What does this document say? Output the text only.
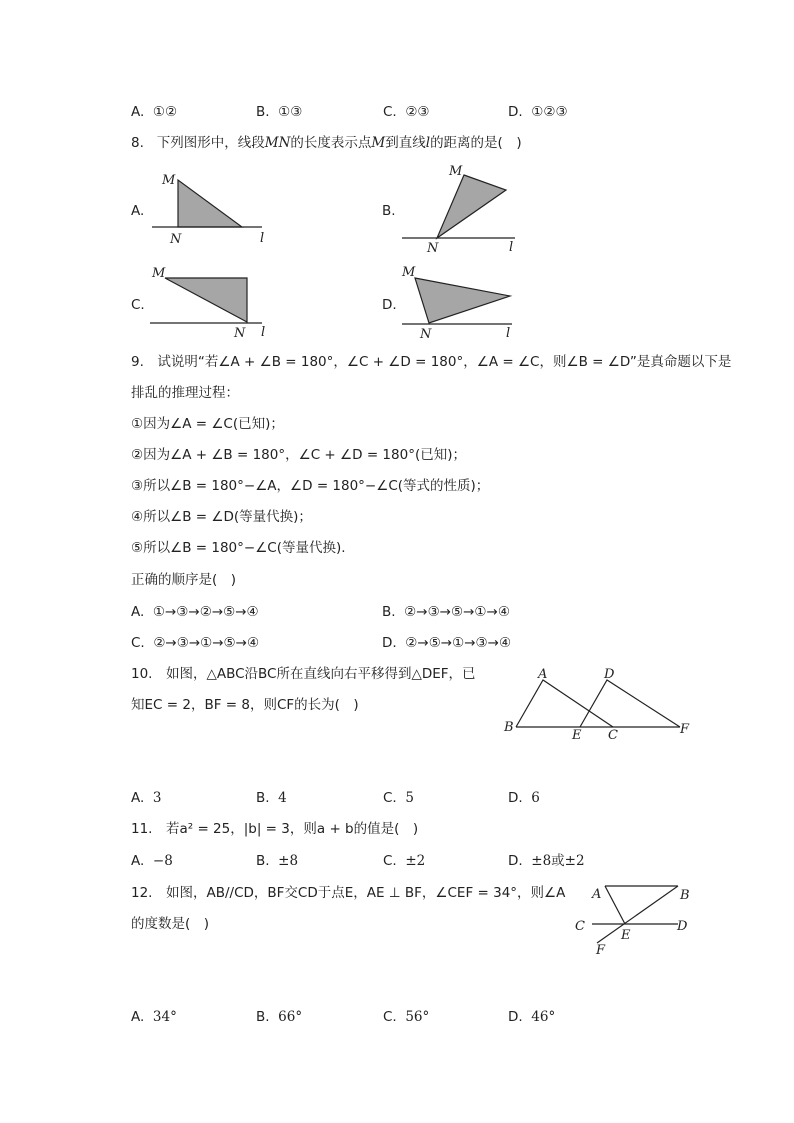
A. ①②	B. ①③	C. ②③	D. ①②③
8. 下列图形中，线段MN的长度表示点M到直线l的距离的是(　)
A.
M
N	l
B.
M
N	l
C.
M
N l
D.
M
N	l
9.　试说明“若∠A + ∠B = 180°，∠C + ∠D = 180°，∠A = ∠C，则∠B = ∠D”是真命题以下是
排乱的推理过程：
①因为∠A = ∠C(已知)；
②因为∠A + ∠B = 180°，∠C + ∠D = 180°(已知)；
③所以∠B = 180°−∠A，∠D = 180°−∠C(等式的性质)；
④所以∠B = ∠D(等量代换)；
⑤所以∠B = 180°−∠C(等量代换).
正确的顺序是(　)
A. ①→③→②→⑤→④	B. ②→③→⑤→①→④
C. ②→③→①→⑤→④	D. ②→⑤→①→③→④
10.　如图，△ABC沿BC所在直线向右平移得到△DEF，已
知EC = 2，BF = 8，则CF的长为(　)
A
B
C
D
E	F
A. 3	B. 4	C. 5	D. 6
11.　若a² = 25，|b| = 3，则a + b的值是(　)
A. −8	B. ±8	C. ±2	D. ±8或±2
12.　如图，AB//CD，BF交CD于点E，AE ⊥ BF，∠CEF = 34°，则∠A
的度数是(　)
A	B
C	D
E
F
A. 34°	B. 66°	C. 56°	D. 46°
